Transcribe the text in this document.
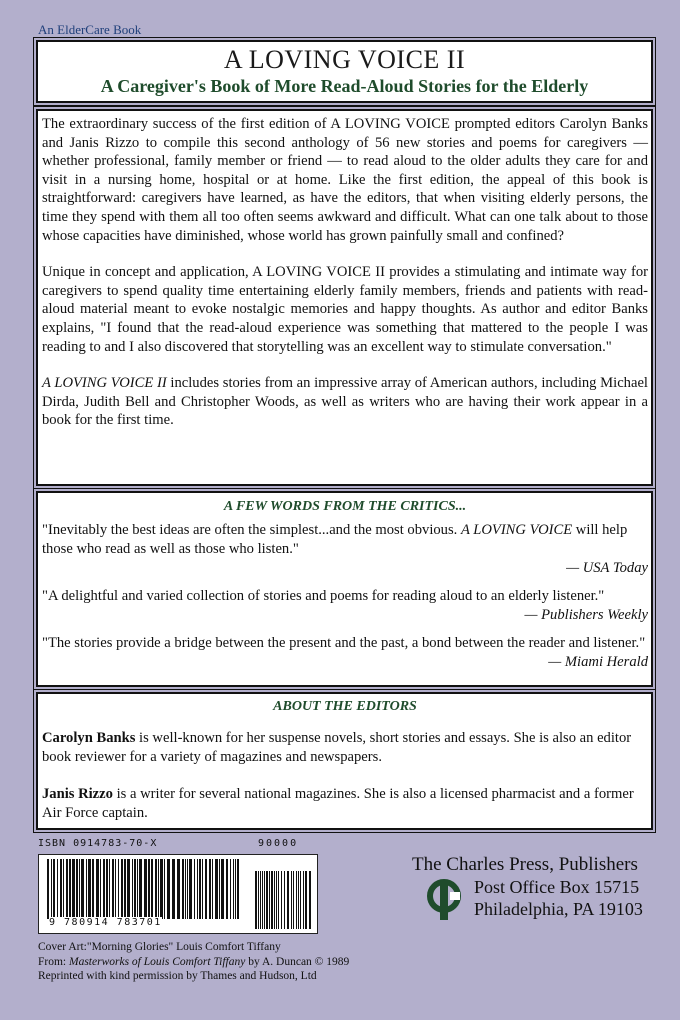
An ElderCare Book
A LOVING VOICE II
A Caregiver's Book of More Read-Aloud Stories for the Elderly

The extraordinary success of the first edition of A LOVING VOICE prompted editors Carolyn Banks and Janis Rizzo to compile this second anthology of 56 new stories and poems for caregivers — whether professional, family member or friend — to read aloud to the older adults they care for and visit in a nursing home, hospital or at home. Like the first edition, the appeal of this book is straightforward: caregivers have learned, as have the editors, that when visiting elderly persons, the time they spend with them all too often seems awkward and difficult. What can one talk about to those whose capacities have diminished, whose world has grown painfully small and confined?

Unique in concept and application, A LOVING VOICE II provides a stimulating and intimate way for caregivers to spend quality time entertaining elderly family members, friends and patients with read-aloud material meant to evoke nostalgic memories and happy thoughts. As author and editor Banks explains, "I found that the read-aloud experience was something that mattered to the people I was reading to and I also discovered that storytelling was an excellent way to stimulate conversation."

A LOVING VOICE II includes stories from an impressive array of American authors, including Michael Dirda, Judith Bell and Christopher Woods, as well as writers who are having their work appear in a book for the first time.

A FEW WORDS FROM THE CRITICS...
"Inevitably the best ideas are often the simplest...and the most obvious. A LOVING VOICE will help those who read as well as those who listen."
— USA Today
"A delightful and varied collection of stories and poems for reading aloud to an elderly listener."
— Publishers Weekly
"The stories provide a bridge between the present and the past, a bond between the reader and listener."
— Miami Herald
ABOUT THE EDITORS

Carolyn Banks is well-known for her suspense novels, short stories and essays. She is also an editor book reviewer for a variety of magazines and newspapers.

Janis Rizzo is a writer for several national magazines. She is also a licensed pharmacist and a former Air Force captain.

ISBN 0914783-70-X	90000
9 780914 783701
Cover Art:"Morning Glories" Louis Comfort Tiffany
From: Masterworks of Louis Comfort Tiffany by A. Duncan © 1989
Reprinted with kind permission by Thames and Hudson, Ltd
The Charles Press, Publishers
Post Office Box 15715
Philadelphia, PA 19103
